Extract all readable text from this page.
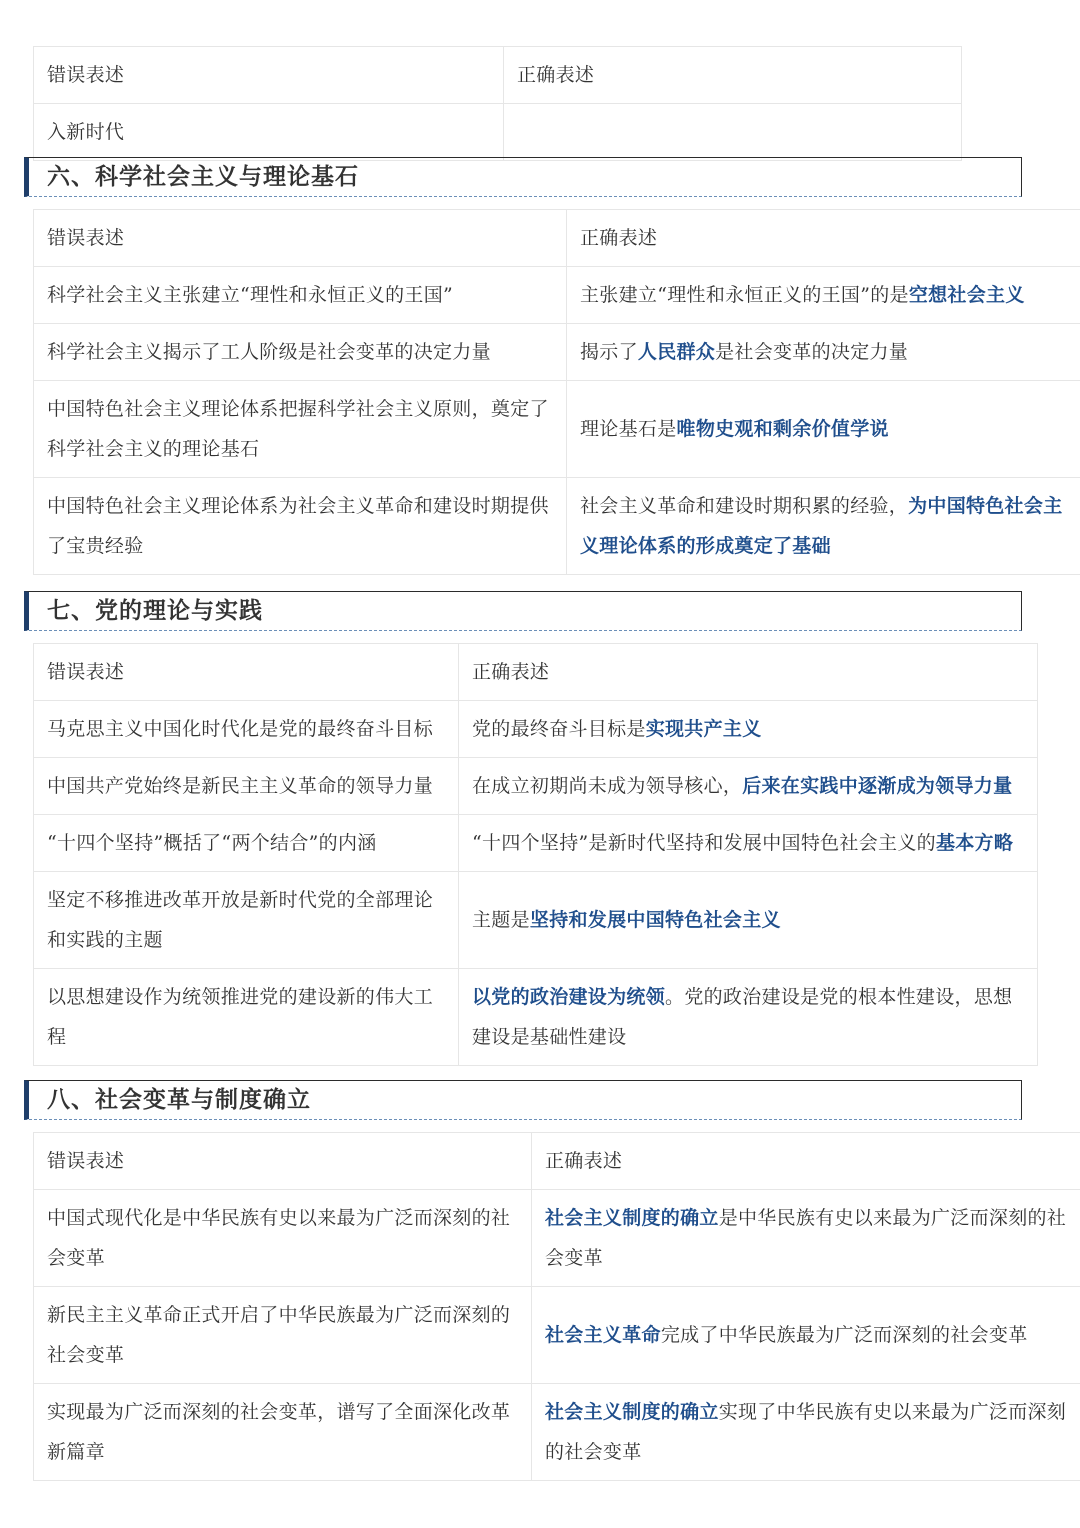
错误表述	正确表述
入新时代	
六、科学社会主义与理论基石
错误表述	正确表述
科学社会主义主张建立“理性和永恒正义的王国”	主张建立“理性和永恒正义的王国”的是空想社会主义
科学社会主义揭示了工人阶级是社会变革的决定力量	揭示了人民群众是社会变革的决定力量
中国特色社会主义理论体系把握科学社会主义原则，奠定了科学社会主义的理论基石	理论基石是唯物史观和剩余价值学说
中国特色社会主义理论体系为社会主义革命和建设时期提供了宝贵经验	社会主义革命和建设时期积累的经验，为中国特色社会主义理论体系的形成奠定了基础
七、党的理论与实践
错误表述	正确表述
马克思主义中国化时代化是党的最终奋斗目标	党的最终奋斗目标是实现共产主义
中国共产党始终是新民主主义革命的领导力量	在成立初期尚未成为领导核心，后来在实践中逐渐成为领导力量
“十四个坚持”概括了“两个结合”的内涵	“十四个坚持”是新时代坚持和发展中国特色社会主义的基本方略
坚定不移推进改革开放是新时代党的全部理论和实践的主题	主题是坚持和发展中国特色社会主义
以思想建设作为统领推进党的建设新的伟大工程	以党的政治建设为统领。党的政治建设是党的根本性建设，思想建设是基础性建设
八、社会变革与制度确立
错误表述	正确表述
中国式现代化是中华民族有史以来最为广泛而深刻的社会变革	社会主义制度的确立是中华民族有史以来最为广泛而深刻的社会变革
新民主主义革命正式开启了中华民族最为广泛而深刻的社会变革	社会主义革命完成了中华民族最为广泛而深刻的社会变革
实现最为广泛而深刻的社会变革，谱写了全面深化改革新篇章	社会主义制度的确立实现了中华民族有史以来最为广泛而深刻的社会变革
